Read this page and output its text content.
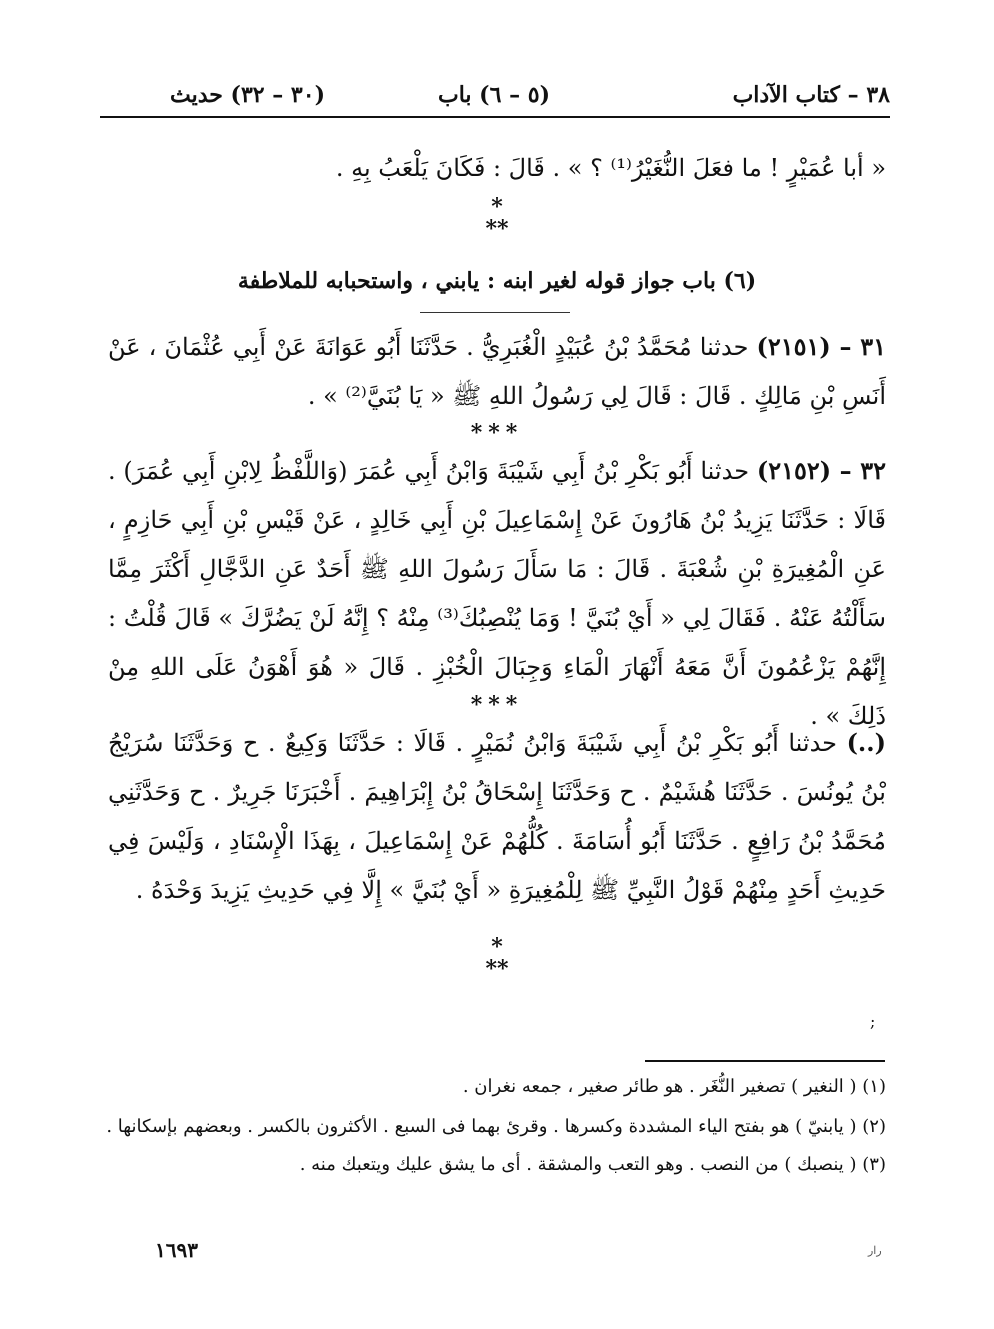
٣٨ – كتاب الآداب
(٥ – ٦) باب
(٣٠ – ٣٢) حديث
« أبا عُمَيْرٍ ! ما فعَلَ النُّغَيْرُ⁽¹⁾ ؟ » . قَالَ : فَكَانَ يَلْعَبُ بِهِ .
*
**
(٦) باب جواز قوله لغير ابنه : يابني ، واستحبابه للملاطفة
٣١ – (٢١٥١) حدثنا مُحَمَّدُ بْنُ عُبَيْدٍ الْغُبَرِيُّ . حَدَّثَنَا أَبُو عَوَانَةَ عَنْ أَبِي عُثْمَانَ ، عَنْ أَنَسِ بْنِ مَالِكٍ . قَالَ : قَالَ لِي رَسُولُ اللهِ ﷺ « يَا بُنَيَّ⁽²⁾ » .
***
٣٢ – (٢١٥٢) حدثنا أَبُو بَكْرِ بْنُ أَبِي شَيْبَةَ وَابْنُ أَبِي عُمَرَ (وَاللَّفْظُ لِابْنِ أَبِي عُمَرَ) . قَالَا : حَدَّثَنَا يَزِيدُ بْنُ هَارُونَ عَنْ إِسْمَاعِيلَ بْنِ أَبِي خَالِدٍ ، عَنْ قَيْسِ بْنِ أَبِي حَازِمٍ ، عَنِ الْمُغِيرَةِ بْنِ شُعْبَةَ . قَالَ : مَا سَأَلَ رَسُولَ اللهِ ﷺ أَحَدٌ عَنِ الدَّجَّالِ أَكْثَرَ مِمَّا سَأَلْتُهُ عَنْهُ . فَقَالَ لِي « أَيْ بُنَيَّ ! وَمَا يُنْصِبُكَ⁽³⁾ مِنْهُ ؟ إِنَّهُ لَنْ يَضُرَّكَ » قَالَ قُلْتُ : إِنَّهُمْ يَزْعُمُونَ أَنَّ مَعَهُ أَنْهَارَ الْمَاءِ وَجِبَالَ الْخُبْزِ . قَالَ « هُوَ أَهْوَنُ عَلَى اللهِ مِنْ ذَلِكَ » .
***
(..) حدثنا أَبُو بَكْرِ بْنُ أَبِي شَيْبَةَ وَابْنُ نُمَيْرٍ . قَالَا : حَدَّثَنَا وَكِيعٌ . ح وَحَدَّثَنَا سُرَيْجُ بْنُ يُونُسَ . حَدَّثَنَا هُشَيْمٌ . ح وَحَدَّثَنَا إِسْحَاقُ بْنُ إِبْرَاهِيمَ . أَخْبَرَنَا جَرِيرٌ . ح وَحَدَّثَنِي مُحَمَّدُ بْنُ رَافِعٍ . حَدَّثَنَا أَبُو أُسَامَةَ . كُلُّهُمْ عَنْ إِسْمَاعِيلَ ، بِهَذَا الْإِسْنَادِ ، وَلَيْسَ فِي حَدِيثِ أَحَدٍ مِنْهُمْ قَوْلُ النَّبِيِّ ﷺ لِلْمُغِيرَةِ « أَيْ بُنَيَّ » إِلَّا فِي حَدِيثِ يَزِيدَ وَحْدَهُ .
*
**
;
(١) ( النغير ) تصغير النُّغَر . هو طائر صغير ، جمعه نغران .
(٢) ( يابنيّ ) هو بفتح الياء المشددة وكسرها . وقرئ بهما فى السبع . الأكثرون بالكسر . وبعضهم بإسكانها .
(٣) ( ينصبك ) من النصب . وهو التعب والمشقة . أى ما يشق عليك ويتعبك منه .
١٦٩٣	ﺭﺍﺭ
